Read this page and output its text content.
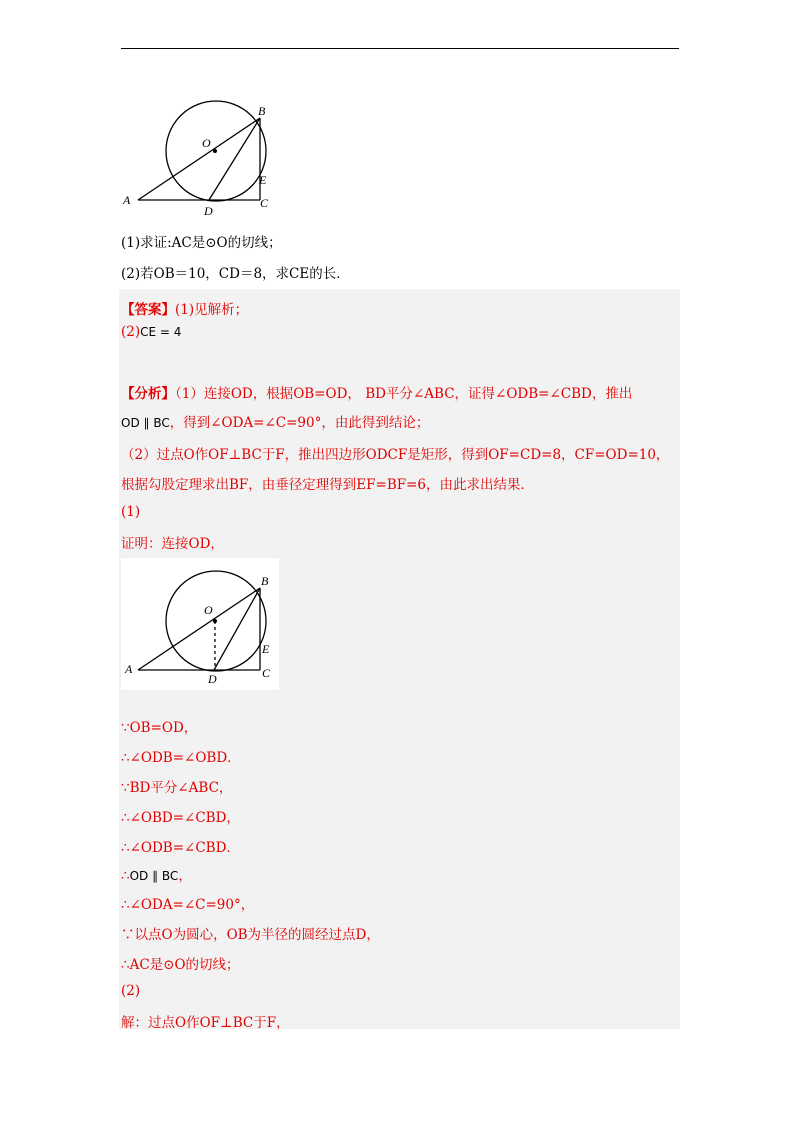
O
B
A
D
E
C
(1)求证:AC是⊙O的切线；
(2)若OB＝10，CD＝8，求CE的长．
【答案】(1)见解析；
(2)CE = 4
【分析】（1）连接OD，根据OB=OD， BD平分∠ABC，证得∠ODB=∠CBD，推出
OD ∥ BC，得到∠ODA=∠C=90°，由此得到结论；
（2）过点O作OF⊥BC于F，推出四边形ODCF是矩形，得到OF=CD=8，CF=OD=10，
根据勾股定理求出BF，由垂径定理得到EF=BF=6，由此求出结果．
(1)
证明：连接OD，
O
B
A
D
E
C
∵OB=OD，
∴∠ODB=∠OBD．
∵BD平分∠ABC，
∴∠OBD=∠CBD，
∴∠ODB=∠CBD．
∴OD ∥ BC，
∴∠ODA=∠C=90°，
∵以点O为圆心，OB为半径的圆经过点D，
∴AC是⊙O的切线；
(2)
解：过点O作OF⊥BC于F，
